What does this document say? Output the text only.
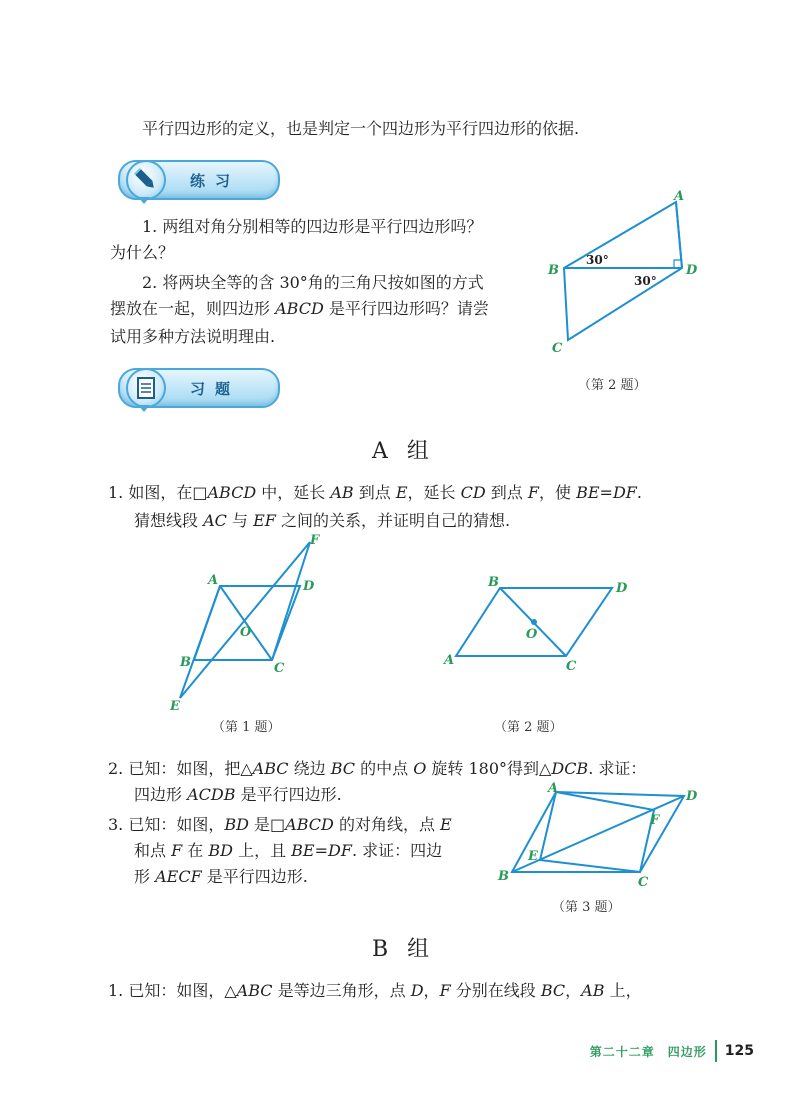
平行四边形的定义，也是判定一个四边形为平行四边形的依据.
练习
1. 两组对角分别相等的四边形是平行四边形吗？
为什么？
2. 将两块全等的含 30°角的三角尺按如图的方式
摆放在一起，则四边形 ABCD 是平行四边形吗？请尝
试用多种方法说明理由.
A
B	D
C
30°
30°
（第 2 题）
习题
A 组
1. 如图，在□ABCD 中，延长 AB 到点 E，延长 CD 到点 F，使 BE=DF.
猜想线段 AC 与 EF 之间的关系，并证明自己的猜想.
A	D
B	C
E
F
O
（第 1 题）
B	D
A	C
O
（第 2 题）
2. 已知：如图，把△ABC 绕边 BC 的中点 O 旋转 180°得到△DCB. 求证：
四边形 ACDB 是平行四边形.
3. 已知：如图，BD 是□ABCD 的对角线，点 E
和点 F 在 BD 上，且 BE=DF. 求证：四边
形 AECF 是平行四边形.
A
D
B	C
E
F
（第 3 题）
B 组
1. 已知：如图，△ABC 是等边三角形，点 D，F 分别在线段 BC，AB 上，
第二十二章　四边形 125
